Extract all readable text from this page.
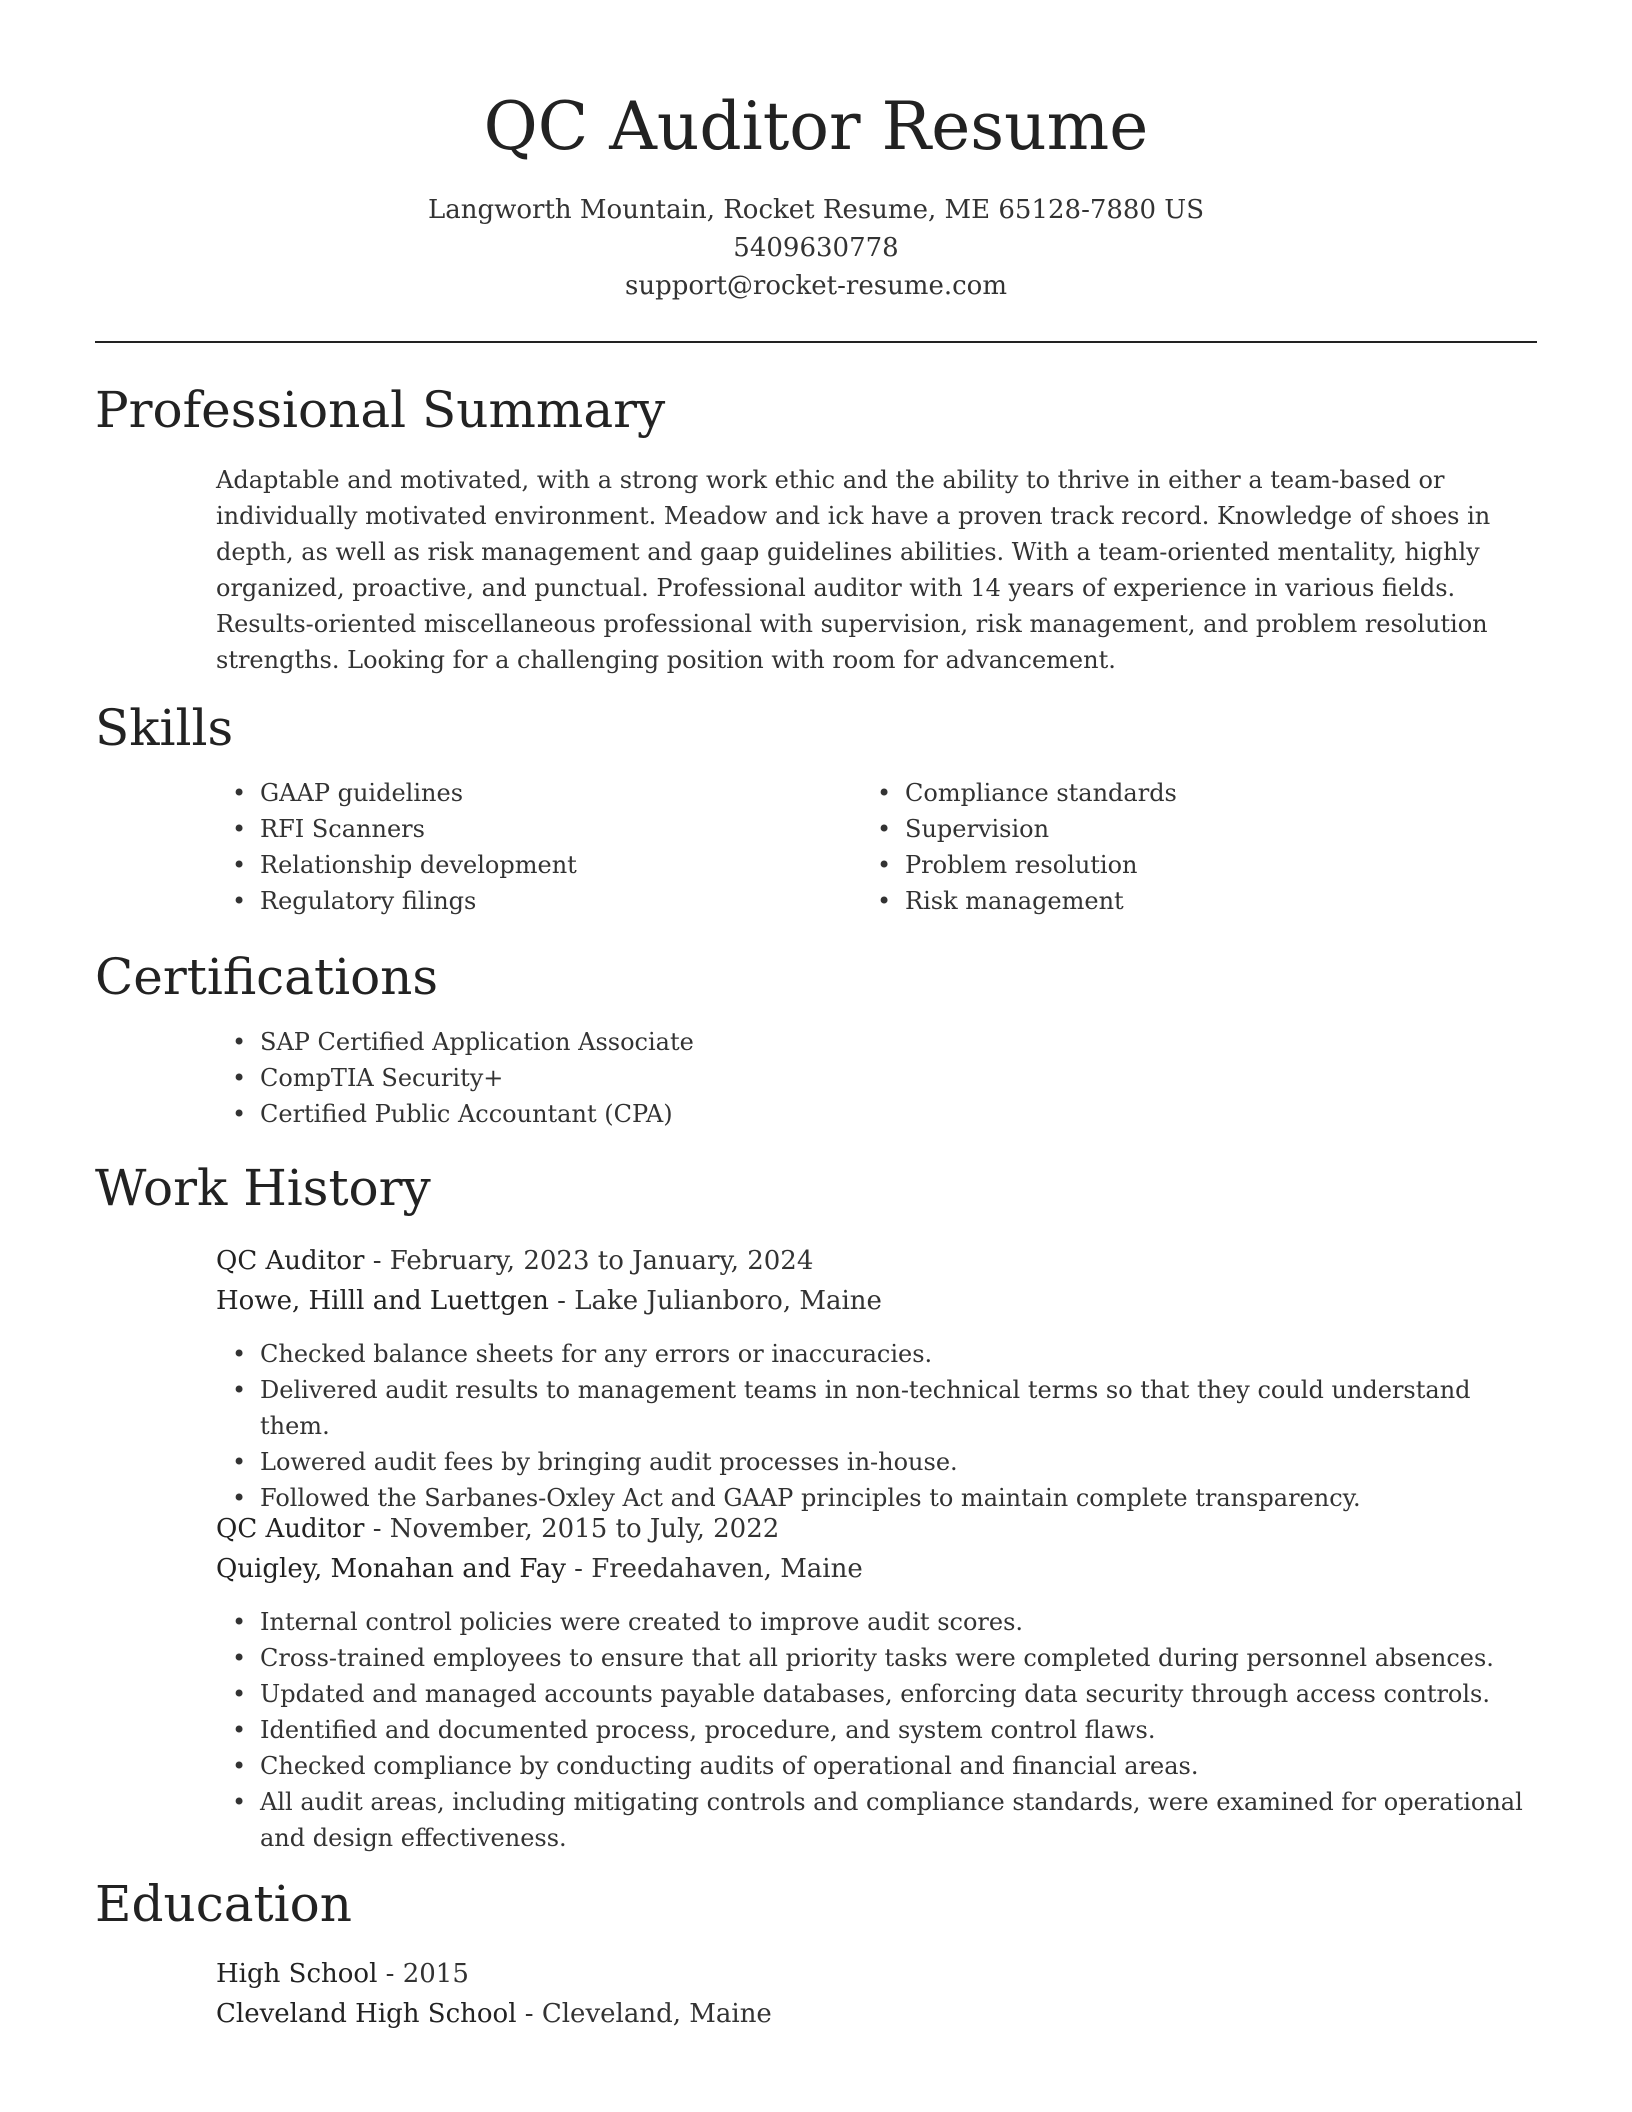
QC Auditor Resume
Langworth Mountain, Rocket Resume, ME 65128-7880 US
5409630778
support@rocket-resume.com
Professional Summary
Adaptable and motivated, with a strong work ethic and the ability to thrive in either a team-based or individually motivated environment. Meadow and ick have a proven track record. Knowledge of shoes in depth, as well as risk management and gaap guidelines abilities. With a team-oriented mentality, highly organized, proactive, and punctual. Professional auditor with 14 years of experience in various fields. Results-oriented miscellaneous professional with supervision, risk management, and problem resolution strengths. Looking for a challenging position with room for advancement.
Skills
• GAAP guidelines
• RFI Scanners
• Relationship development
• Regulatory filings
• Compliance standards
• Supervision
• Problem resolution
• Risk management
Certifications
• SAP Certified Application Associate
• CompTIA Security+
• Certified Public Accountant (CPA)
Work History
QC Auditor - February, 2023 to January, 2024
Howe, Hilll and Luettgen - Lake Julianboro, Maine
• Checked balance sheets for any errors or inaccuracies.
• Delivered audit results to management teams in non-technical terms so that they could understand them.
• Lowered audit fees by bringing audit processes in-house.
• Followed the Sarbanes-Oxley Act and GAAP principles to maintain complete transparency.
QC Auditor - November, 2015 to July, 2022
Quigley, Monahan and Fay - Freedahaven, Maine
• Internal control policies were created to improve audit scores.
• Cross-trained employees to ensure that all priority tasks were completed during personnel absences.
• Updated and managed accounts payable databases, enforcing data security through access controls.
• Identified and documented process, procedure, and system control flaws.
• Checked compliance by conducting audits of operational and financial areas.
• All audit areas, including mitigating controls and compliance standards, were examined for operational and design effectiveness.
Education
High School - 2015
Cleveland High School - Cleveland, Maine
